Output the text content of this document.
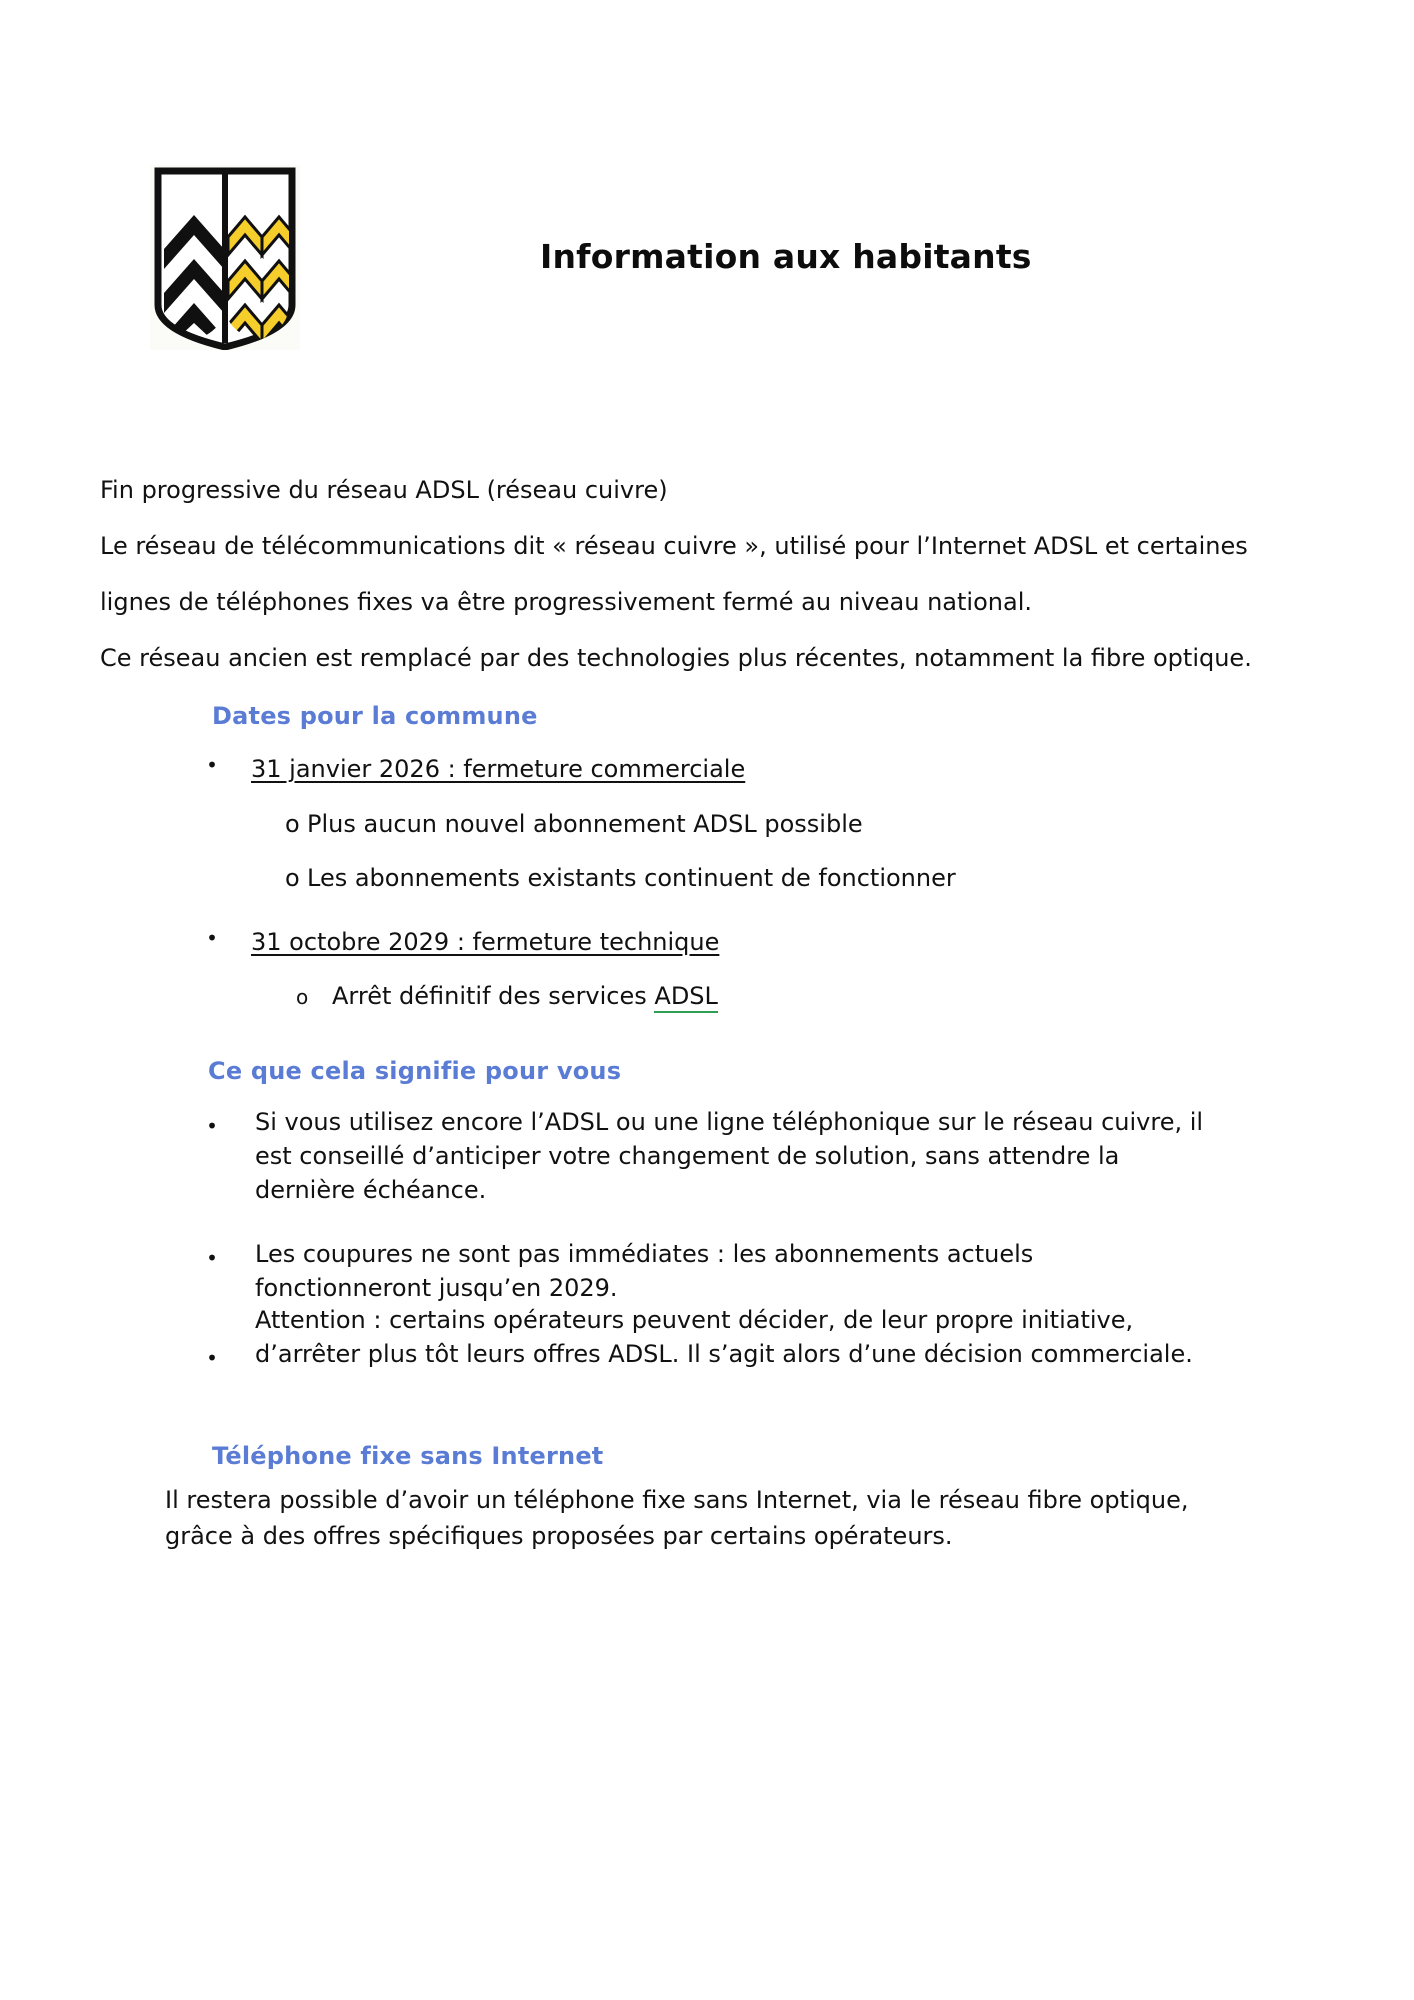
Information aux habitants
Fin progressive du réseau ADSL (réseau cuivre)
Le réseau de télécommunications dit « réseau cuivre », utilisé pour l’Internet ADSL et certaines
lignes de téléphones fixes va être progressivement fermé au niveau national.
Ce réseau ancien est remplacé par des technologies plus récentes, notamment la fibre optique.
Dates pour la commune
• 31 janvier 2026 : fermeture commerciale
o Plus aucun nouvel abonnement ADSL possible
o Les abonnements existants continuent de fonctionner
• 31 octobre 2029 : fermeture technique
o Arrêt définitif des services ADSL
Ce que cela signifie pour vous
• Si vous utilisez encore l’ADSL ou une ligne téléphonique sur le réseau cuivre, il est conseillé d’anticiper votre changement de solution, sans attendre la dernière échéance.
• Les coupures ne sont pas immédiates : les abonnements actuels fonctionneront jusqu’en 2029.
•
Attention : certains opérateurs peuvent décider, de leur propre initiative, d’arrêter plus tôt leurs offres ADSL. Il s’agit alors d’une décision commerciale.
Téléphone fixe sans Internet
Il restera possible d’avoir un téléphone fixe sans Internet, via le réseau fibre optique,
grâce à des offres spécifiques proposées par certains opérateurs.
